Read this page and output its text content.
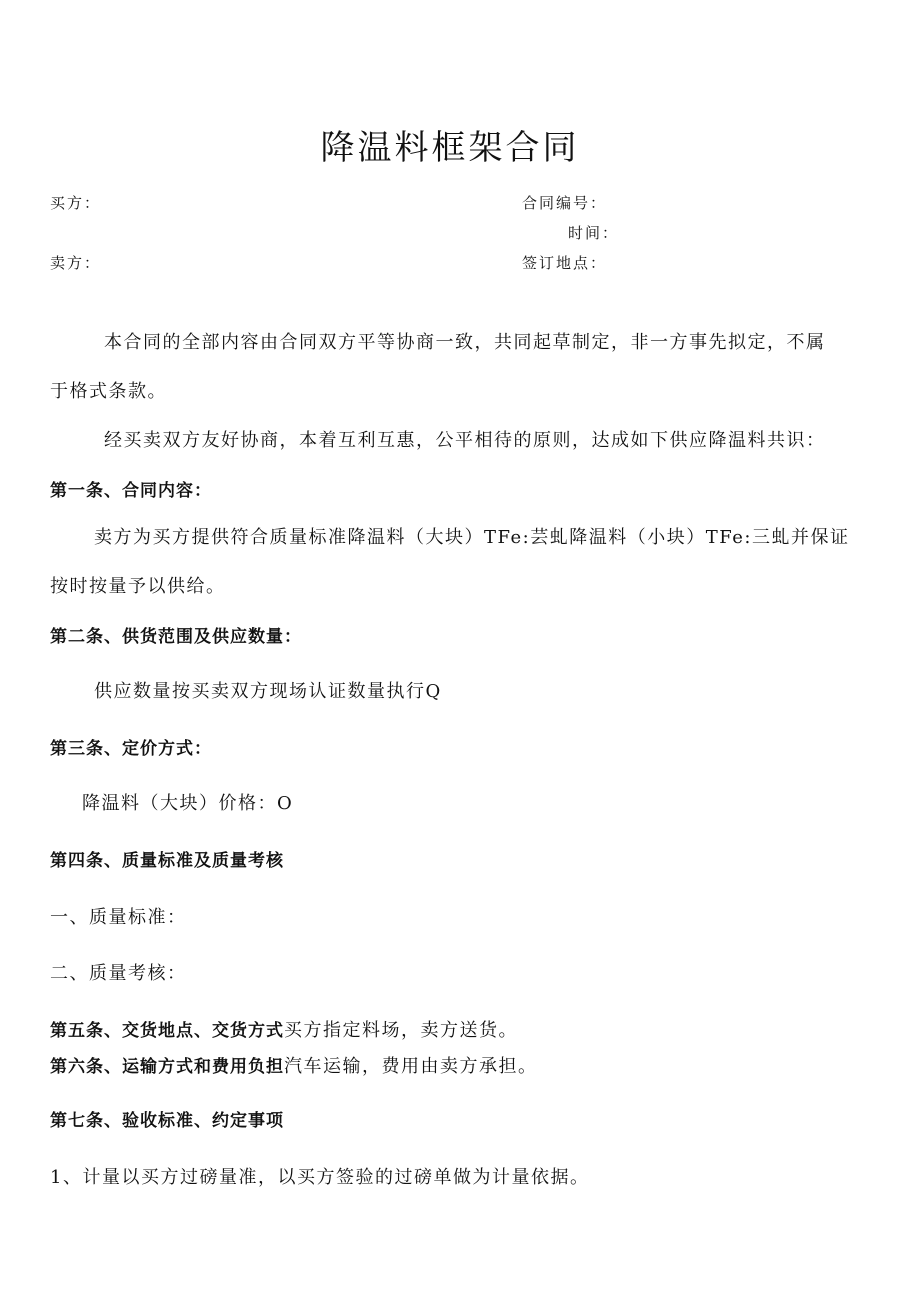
降温料框架合同
买方：	合同编号：
时间：
卖方：	签订地点：
本合同的全部内容由合同双方平等协商一致，共同起草制定，非一方事先拟定，不属
于格式条款。
经买卖双方友好协商，本着互利互惠，公平相待的原则，达成如下供应降温料共识：
第一条、合同内容：
卖方为买方提供符合质量标准降温料（大块）TFe:芸虬降温料（小块）TFe:三虬并保证
按时按量予以供给。
第二条、供货范围及供应数量：
供应数量按买卖双方现场认证数量执行Q
第三条、定价方式：
降温料（大块）价格：O
第四条、质量标准及质量考核
一、质量标准：
二、质量考核：
第五条、交货地点、交货方式买方指定料场，卖方送货。
第六条、运输方式和费用负担汽车运输，费用由卖方承担。
第七条、验收标准、约定事项
1、计量以买方过磅量准，以买方签验的过磅单做为计量依据。
